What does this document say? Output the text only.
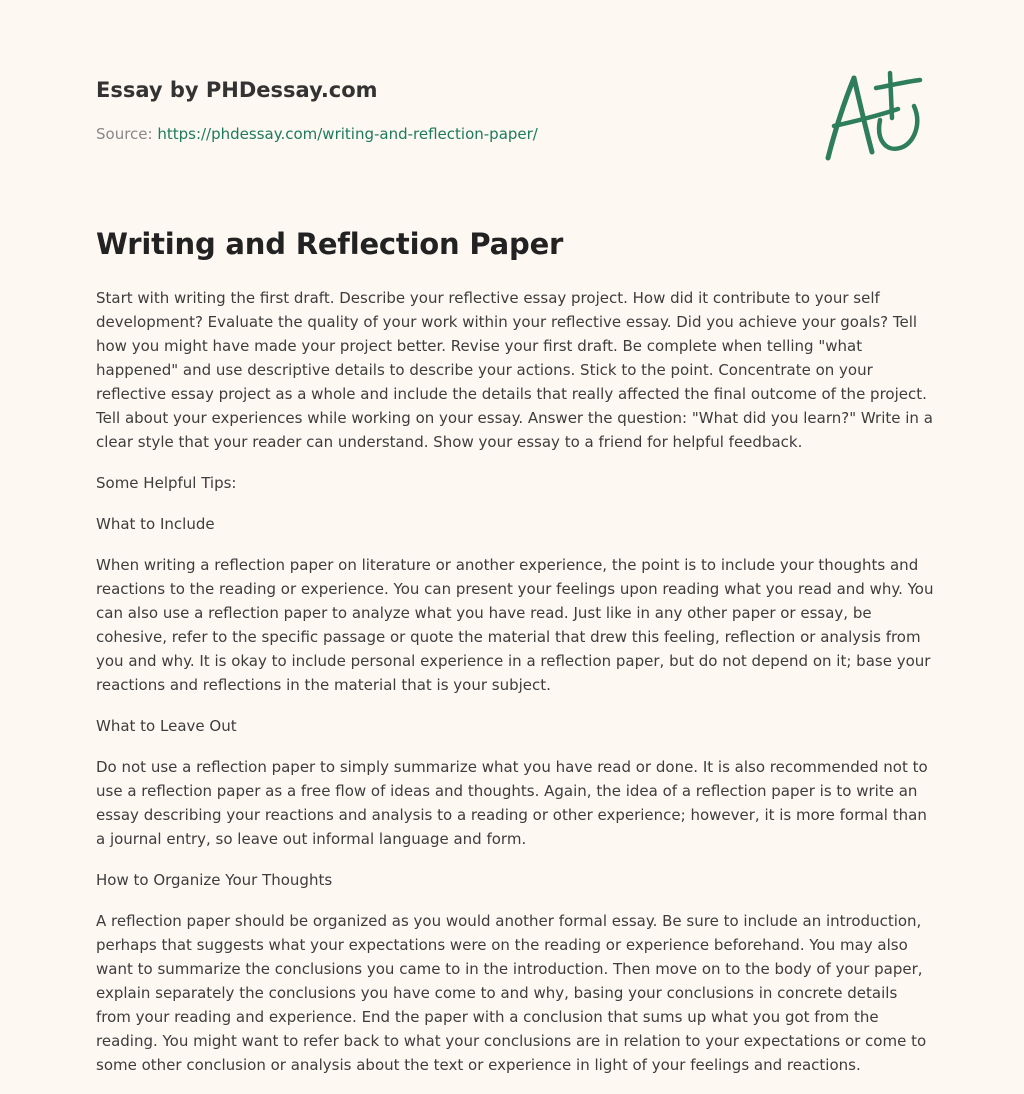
Essay by PHDessay.com
Source: https://phdessay.com/writing-and-reflection-paper/
Writing and Reflection Paper

Start with writing the first draft. Describe your reflective essay project. How did it contribute to your self development? Evaluate the quality of your work within your reflective essay. Did you achieve your goals? Tell how you might have made your project better. Revise your first draft. Be complete when telling "what happened" and use descriptive details to describe your actions. Stick to the point. Concentrate on your reflective essay project as a whole and include the details that really affected the final outcome of the project. Tell about your experiences while working on your essay. Answer the question: "What did you learn?" Write in a clear style that your reader can understand. Show your essay to a friend for helpful feedback.

Some Helpful Tips:

What to Include

When writing a reflection paper on literature or another experience, the point is to include your thoughts and reactions to the reading or experience. You can present your feelings upon reading what you read and why. You can also use a reflection paper to analyze what you have read. Just like in any other paper or essay, be cohesive, refer to the specific passage or quote the material that drew this feeling, reflection or analysis from you and why. It is okay to include personal experience in a reflection paper, but do not depend on it; base your reactions and reflections in the material that is your subject.

What to Leave Out

Do not use a reflection paper to simply summarize what you have read or done. It is also recommended not to use a reflection paper as a free flow of ideas and thoughts. Again, the idea of a reflection paper is to write an essay describing your reactions and analysis to a reading or other experience; however, it is more formal than a journal entry, so leave out informal language and form.

How to Organize Your Thoughts

A reflection paper should be organized as you would another formal essay. Be sure to include an introduction, perhaps that suggests what your expectations were on the reading or experience beforehand. You may also want to summarize the conclusions you came to in the introduction. Then move on to the body of your paper, explain separately the conclusions you have come to and why, basing your conclusions in concrete details from your reading and experience. End the paper with a conclusion that sums up what you got from the reading. You might want to refer back to what your conclusions are in relation to your expectations or come to some other conclusion or analysis about the text or experience in light of your feelings and reactions.
